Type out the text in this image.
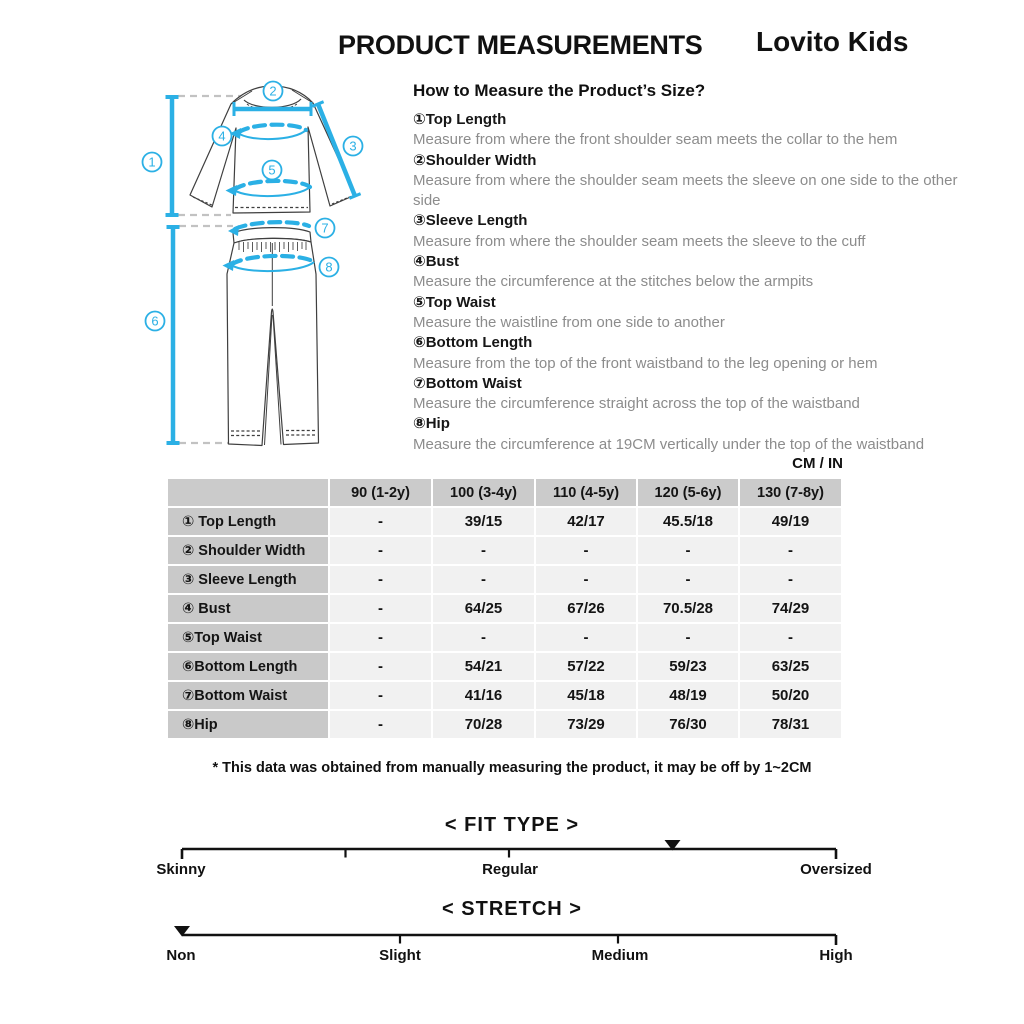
PRODUCT MEASUREMENTS Lovito Kids
1
2
3
4
5
6
7
8
How to Measure the Product’s Size?
①Top Length
Measure from where the front shoulder seam meets the collar to the hem
②Shoulder Width
Measure from where the shoulder seam meets the sleeve on one side to the other side
③Sleeve Length
Measure from where the shoulder seam meets the sleeve to the cuff
④Bust
Measure the circumference at the stitches below the armpits
⑤Top Waist
Measure the waistline from one side to another
⑥Bottom Length
Measure from the top of the front waistband to the leg opening or hem
⑦Bottom Waist
Measure the circumference straight across the top of the waistband
⑧Hip
Measure the circumference at 19CM vertically under the top of the waistband
CM / IN
	90 (1-2y)	100 (3-4y)	110 (4-5y)	120 (5-6y)	130 (7-8y)
① Top Length	-	39/15	42/17	45.5/18	49/19
② Shoulder Width	-	-	-	-	-
③ Sleeve Length	-	-	-	-	-
④ Bust	-	64/25	67/26	70.5/28	74/29
⑤Top Waist	-	-	-	-	-
⑥Bottom Length	-	54/21	57/22	59/23	63/25
⑦Bottom Waist	-	41/16	45/18	48/19	50/20
⑧Hip	-	70/28	73/29	76/30	78/31
* This data was obtained from manually measuring the product, it may be off by 1~2CM
< FIT TYPE >
Skinny	Regular	Oversized
< STRETCH >
Non	Slight	Medium	High
